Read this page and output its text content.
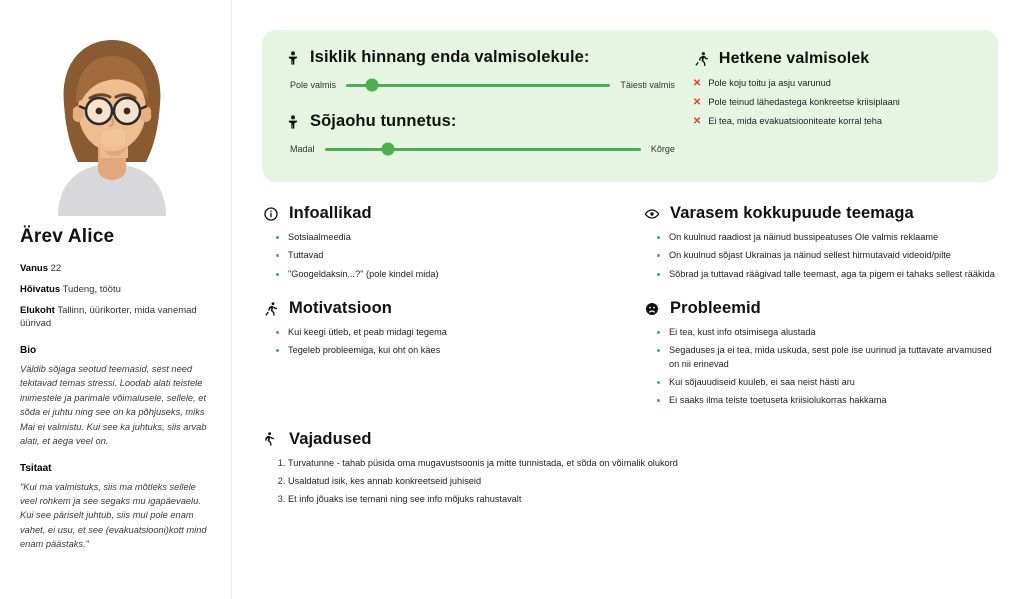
Ärev Alice
Vanus 22
Hõivatus Tudeng, töötu
Elukoht Tallinn, üürikorter, mida vanemad üürivad
Bio
Väldib sõjaga seotud teemasid, sest need tekitavad temas stressi. Loodab alati teistele inimestele ja parimale võimalusele, sellele, et sõda ei juhtu ning see on ka põhjuseks, miks Mai ei valmistu. Kui see ka juhtuks, siis arvab alati, et aega veel on.
Tsitaat
"Kui ma valmistuks, siis ma mõtleks sellele veel rohkem ja see segaks mu igapäevaelu. Kui see päriselt juhtub, siis mul pole enam vahet, ei usu, et see (evakuatsiooni)kott mind enam päästaks."
Isiklik hinnang enda valmisolekule:
Pole valmis	Täiesti valmis
Sõjaohu tunnetus:
Madal	Kõrge
Hetkene valmisolek
✕ Pole koju toitu ja asju varunud
✕ Pole teinud lähedastega konkreetse kriisiplaani
✕ Ei tea, mida evakuatsiooniteate korral teha
Infoallikad
• Sotsiaalmeedia
• Tuttavad
• "Googeldaksin...?" (pole kindel mida)
Motivatsioon
• Kui keegi ütleb, et peab midagi tegema
• Tegeleb probleemiga, kui oht on käes
Varasem kokkupuude teemaga
• On kuulnud raadiost ja näinud bussipeatuses Ole valmis reklaame
• On kuulnud sõjast Ukrainas ja näinud sellest hirmutavaid videoid/pilte
• Sõbrad ja tuttavad räägivad talle teemast, aga ta pigem ei tahaks sellest rääkida
Probleemid
• Ei tea, kust info otsimisega alustada
• Segaduses ja ei tea, mida uskuda, sest pole ise uurinud ja tuttavate arvamused on nii erinevad
• Kui sõjauudiseid kuuleb, ei saa neist hästi aru
• Ei saaks ilma teiste toetuseta kriisiolukorras hakkama
Vajadused
1. Turvatunne - tahab püsida oma mugavustsoonis ja mitte tunnistada, et sõda on võimalik olukord
2. Usaldatud isik, kes annab konkreetseid juhiseid
3. Et info jõuaks ise temani ning see info mõjuks rahustavalt
